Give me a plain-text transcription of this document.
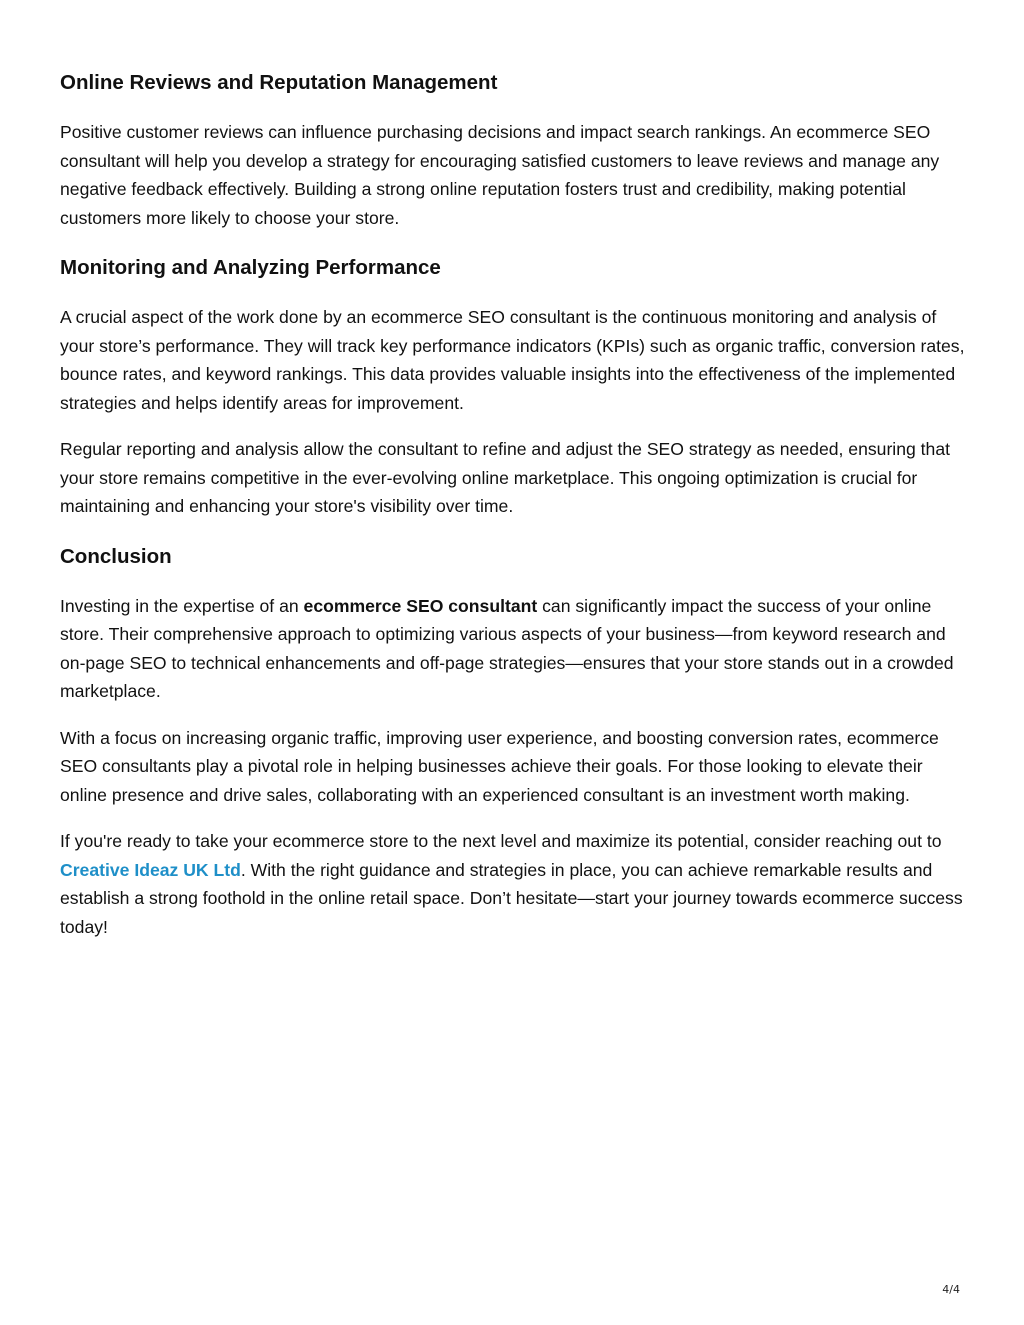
Online Reviews and Reputation Management

Positive customer reviews can influence purchasing decisions and impact search rankings. An ecommerce SEO consultant will help you develop a strategy for encouraging satisfied customers to leave reviews and manage any negative feedback effectively. Building a strong online reputation fosters trust and credibility, making potential customers more likely to choose your store.

Monitoring and Analyzing Performance

A crucial aspect of the work done by an ecommerce SEO consultant is the continuous monitoring and analysis of your store’s performance. They will track key performance indicators (KPIs) such as organic traffic, conversion rates, bounce rates, and keyword rankings. This data provides valuable insights into the effectiveness of the implemented strategies and helps identify areas for improvement.

Regular reporting and analysis allow the consultant to refine and adjust the SEO strategy as needed, ensuring that your store remains competitive in the ever-evolving online marketplace. This ongoing optimization is crucial for maintaining and enhancing your store's visibility over time.

Conclusion

Investing in the expertise of an ecommerce SEO consultant can significantly impact the success of your online store. Their comprehensive approach to optimizing various aspects of your business—from keyword research and on-page SEO to technical enhancements and off-page strategies—ensures that your store stands out in a crowded marketplace.

With a focus on increasing organic traffic, improving user experience, and boosting conversion rates, ecommerce SEO consultants play a pivotal role in helping businesses achieve their goals. For those looking to elevate their online presence and drive sales, collaborating with an experienced consultant is an investment worth making.

If you're ready to take your ecommerce store to the next level and maximize its potential, consider reaching out to Creative Ideaz UK Ltd. With the right guidance and strategies in place, you can achieve remarkable results and establish a strong foothold in the online retail space. Don’t hesitate—start your journey towards ecommerce success today!

4/4
